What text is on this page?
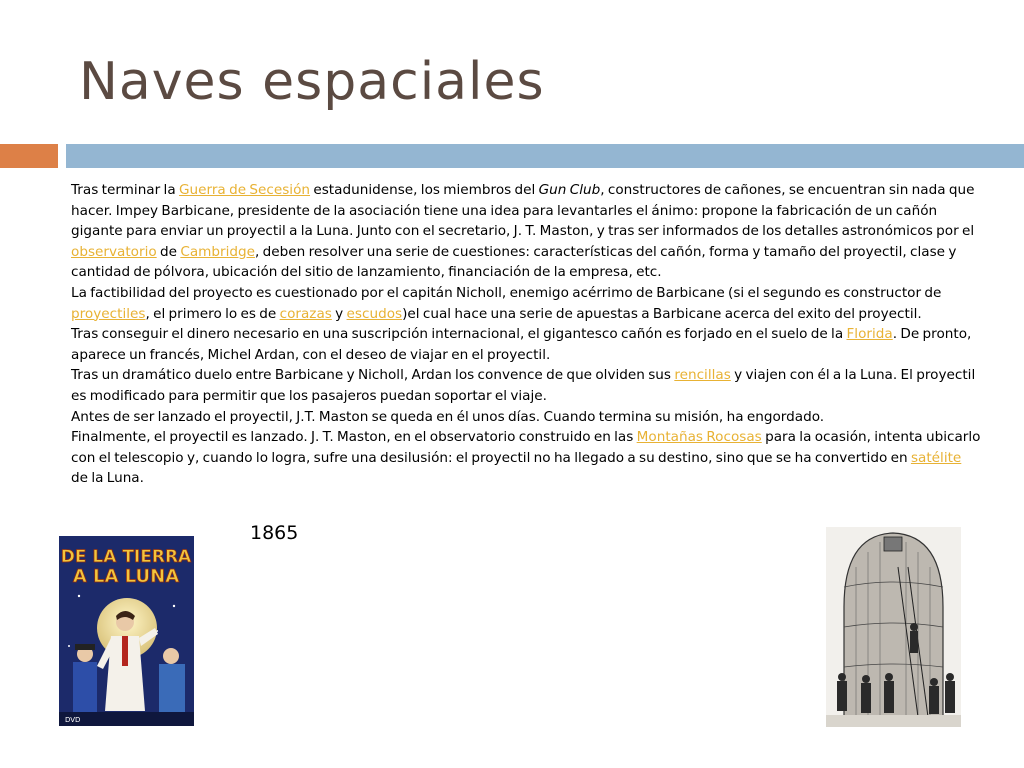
Naves espaciales

Tras terminar la Guerra de Secesión estadunidense, los miembros del Gun Club, constructores de cañones, se encuentran sin nada que hacer. Impey Barbicane, presidente de la asociación tiene una idea para levantarles el ánimo: propone la fabricación de un cañón gigante para enviar un proyectil a la Luna. Junto con el secretario, J. T. Maston, y tras ser informados de los detalles astronómicos por el observatorio de Cambridge, deben resolver una serie de cuestiones: características del cañón, forma y tamaño del proyectil, clase y cantidad de pólvora, ubicación del sitio de lanzamiento, financiación de la empresa, etc.

La factibilidad del proyecto es cuestionado por el capitán Nicholl, enemigo acérrimo de Barbicane (si el segundo es constructor de proyectiles, el primero lo es de corazas y escudos)el cual hace una serie de apuestas a Barbicane acerca del exito del proyectil.

Tras conseguir el dinero necesario en una suscripción internacional, el gigantesco cañón es forjado en el suelo de la Florida. De pronto, aparece un francés, Michel Ardan, con el deseo de viajar en el proyectil.

Tras un dramático duelo entre Barbicane y Nicholl, Ardan los convence de que olviden sus rencillas y viajen con él a la Luna. El proyectil es modificado para permitir que los pasajeros puedan soportar el viaje.

Antes de ser lanzado el proyectil, J.T. Maston se queda en él unos días. Cuando termina su misión, ha engordado.

Finalmente, el proyectil es lanzado. J. T. Maston, en el observatorio construido en las Montañas Rocosas para la ocasión, intenta ubicarlo con el telescopio y, cuando lo logra, sufre una desilusión: el proyectil no ha llegado a su destino, sino que se ha convertido en satélite de la Luna.

1865
DE LA TIERRA
A LA LUNA
DVD
